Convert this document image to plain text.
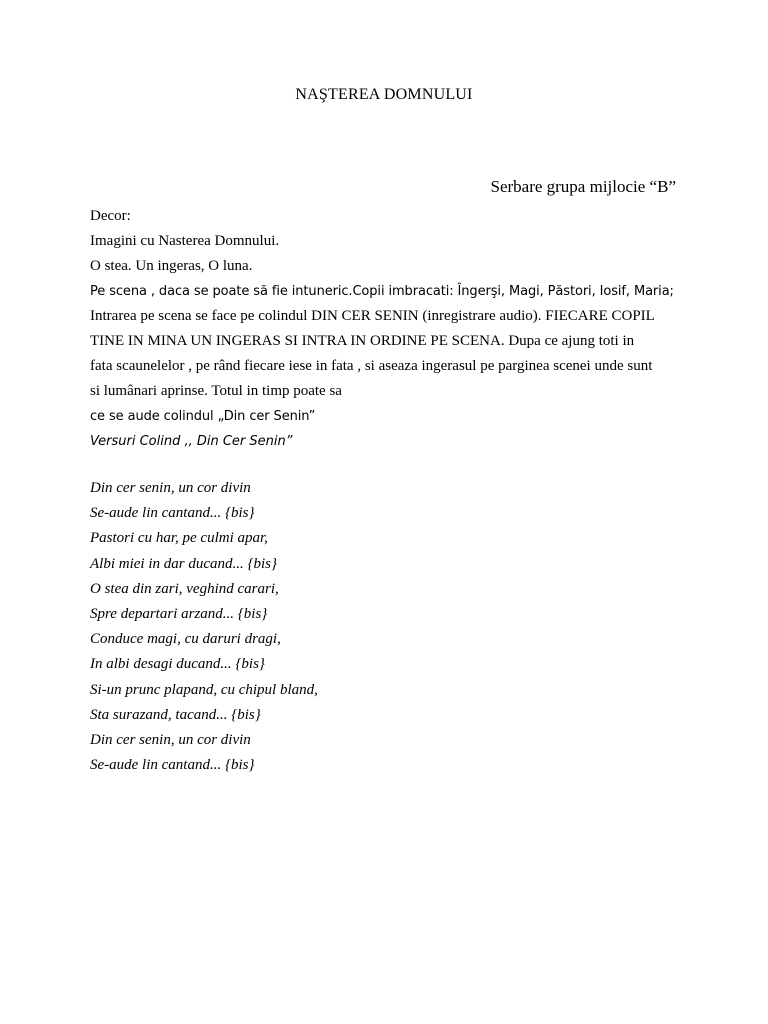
NAŞTEREA DOMNULUI
Serbare grupa mijlocie “B”
Decor:
Imagini cu Nasterea Domnului.
O stea. Un ingeras, O luna.
Pe scena , daca se poate să fie intuneric.Copii imbracati: Îngerşi, Magi, Păstori, Iosif, Maria;
Intrarea pe scena se face pe colindul DIN CER SENIN (inregistrare audio). FIECARE COPIL
TINE IN MINA UN INGERAS SI INTRA IN ORDINE PE SCENA. Dupa ce ajung toti in
fata scaunelelor , pe rând fiecare iese in fata , si aseaza ingerasul pe parginea scenei unde sunt
si lumânari aprinse. Totul in timp poate sa
ce se aude colindul „Din cer Senin”
Versuri Colind ,, Din Cer Senin”
Din cer senin, un cor divin
Se-aude lin cantand... {bis}
Pastori cu har, pe culmi apar,
Albi miei in dar ducand... {bis}
O stea din zari, veghind carari,
Spre departari arzand... {bis}
Conduce magi, cu daruri dragi,
In albi desagi ducand... {bis}
Si-un prunc plapand, cu chipul bland,
Sta surazand, tacand... {bis}
Din cer senin, un cor divin
Se-aude lin cantand... {bis}
